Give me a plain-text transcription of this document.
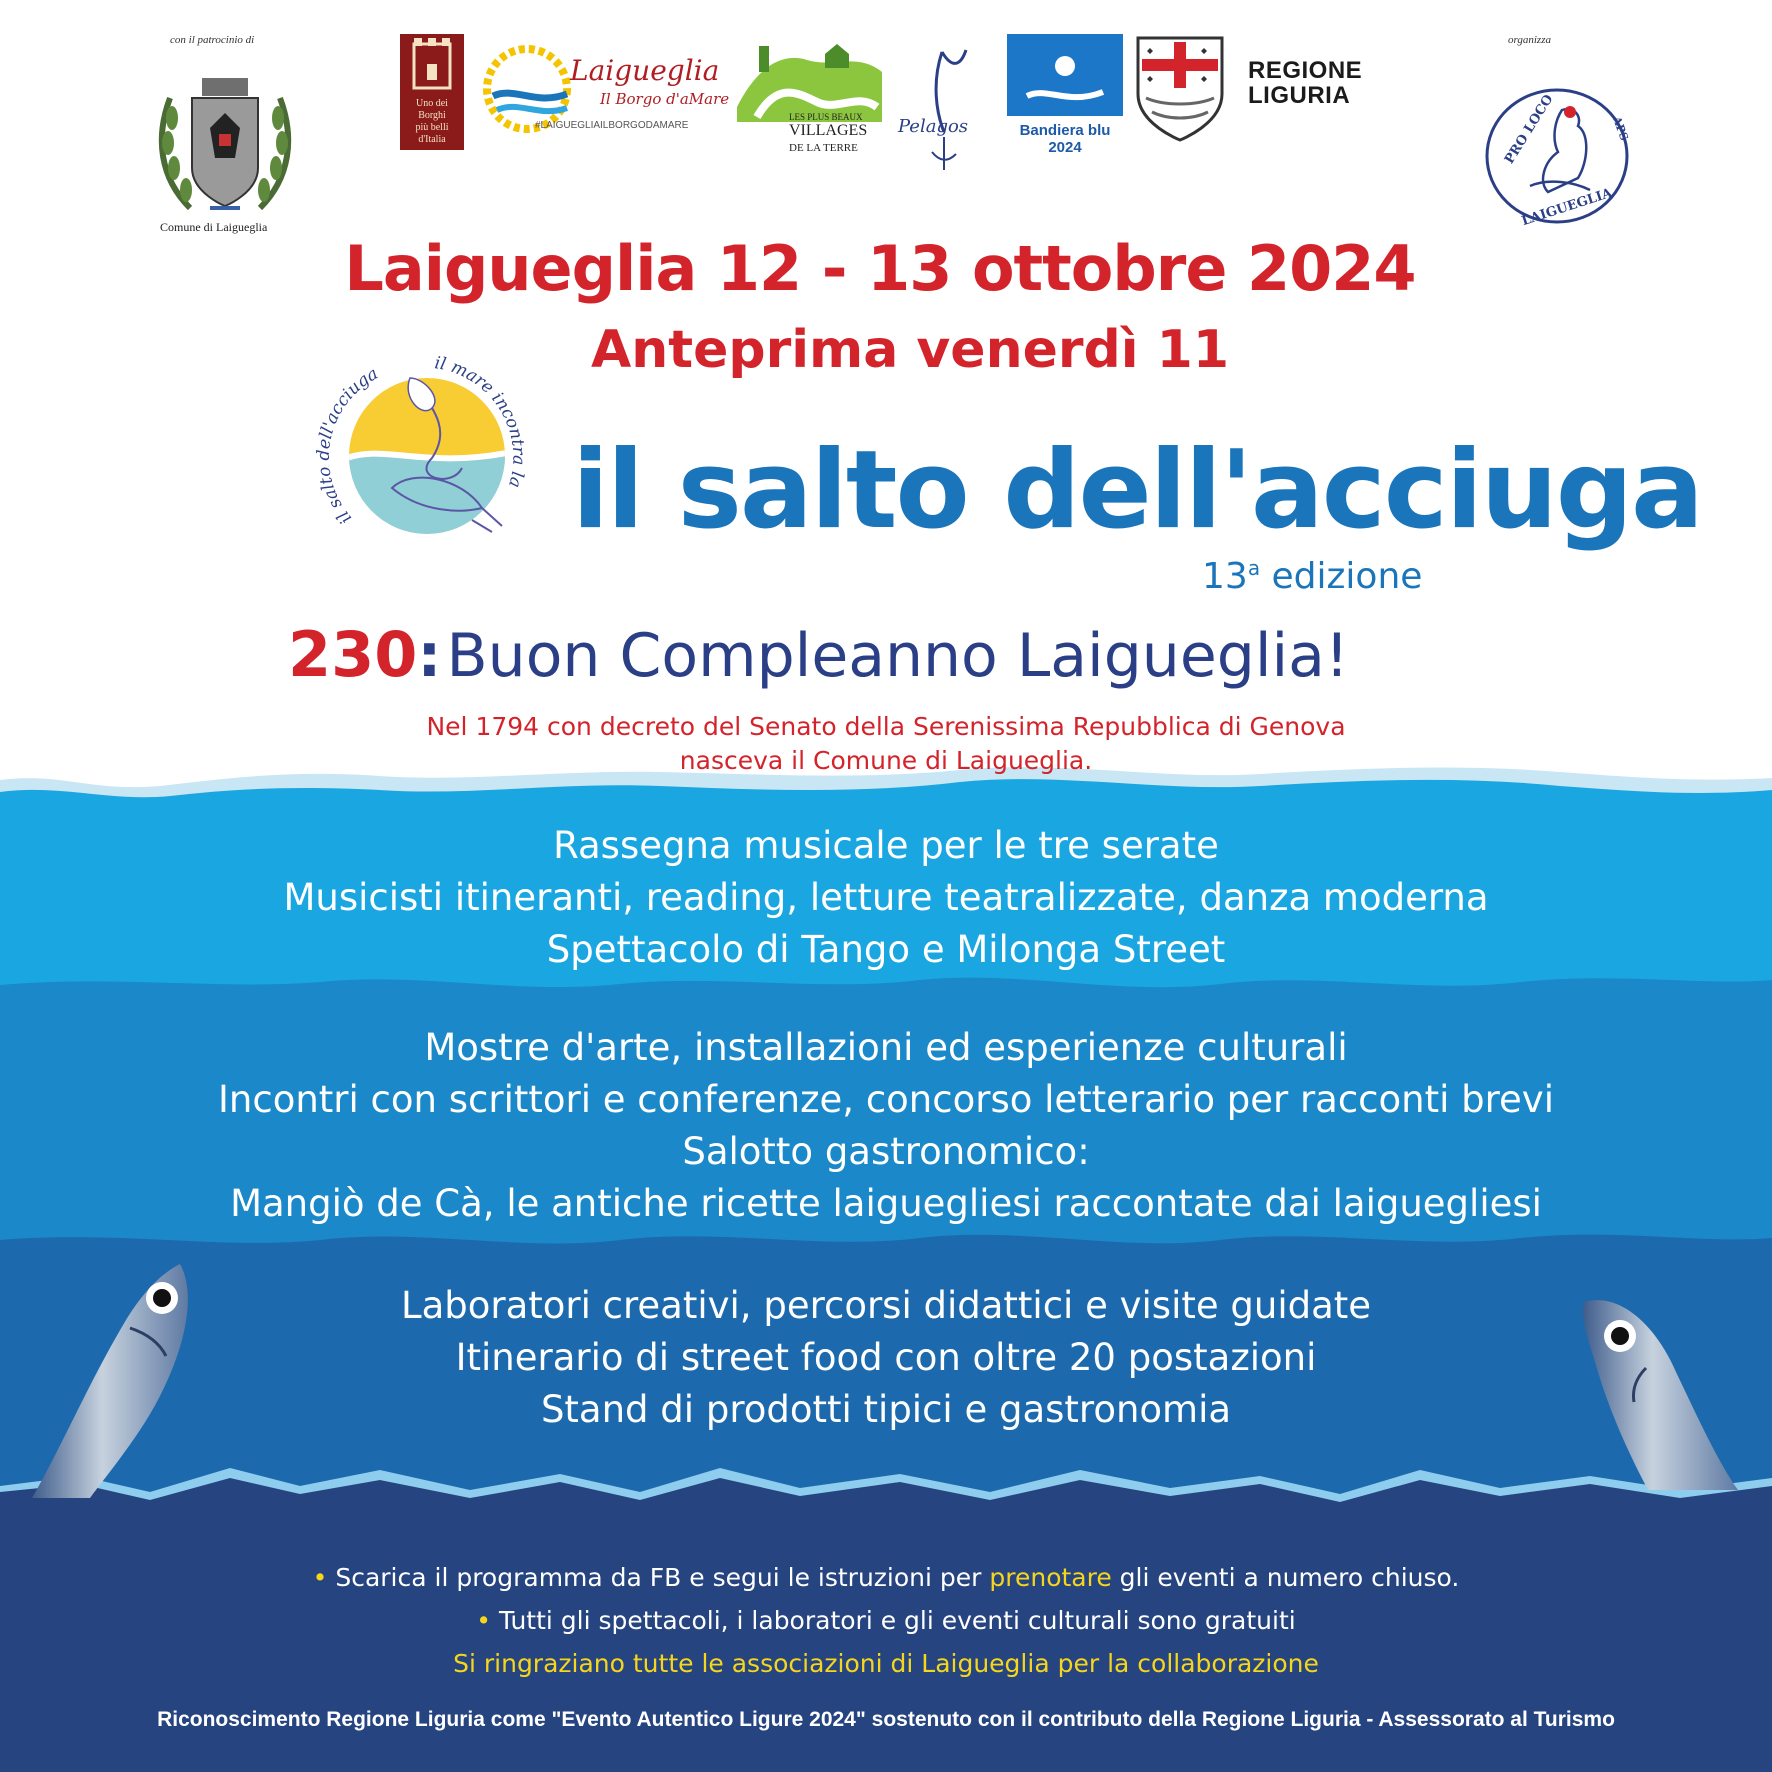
con il patrocinio di
Comune di Laigueglia
Uno dei
Borghi
più belli
d'Italia
Laigueglia
Il Borgo d'aMare
#LAIGUEGLIAILBORGODAMARE
LES PLUS BEAUX
VILLAGES
DE LA TERRE
Pelagos	Bandiera blu
2024
REGIONE
LIGURIA
organizza
PRO LOCO
LAIGUEGLIA
APS
Laigueglia 12 - 13 ottobre 2024
Anteprima venerdì 11
il salto dell'acciuga
il mare incontra la il salto dell'acciuga
13$^a$ edizione
230: Buon Compleanno Laigueglia!
Nel 1794 con decreto del Senato della Serenissima Repubblica di Genova
nasceva il Comune di Laigueglia.
Rassegna musicale per le tre serate
Musicisti itineranti, reading, letture teatralizzate, danza moderna
Spettacolo di Tango e Milonga Street
Mostre d'arte, installazioni ed esperienze culturali
Incontri con scrittori e conferenze, concorso letterario per racconti brevi
Salotto gastronomico:
Mangiò de Cà, le antiche ricette laiguegliesi raccontate dai laiguegliesi
Laboratori creativi, percorsi didattici e visite guidate
Itinerario di street food con oltre 20 postazioni
Stand di prodotti tipici e gastronomia
• Scarica il programma da FB e segui le istruzioni per prenotare gli eventi a numero chiuso.
• Tutti gli spettacoli, i laboratori e gli eventi culturali sono gratuiti
Si ringraziano tutte le associazioni di Laigueglia per la collaborazione
Riconoscimento Regione Liguria come "Evento Autentico Ligure 2024" sostenuto con il contributo della Regione Liguria - Assessorato al Turismo
